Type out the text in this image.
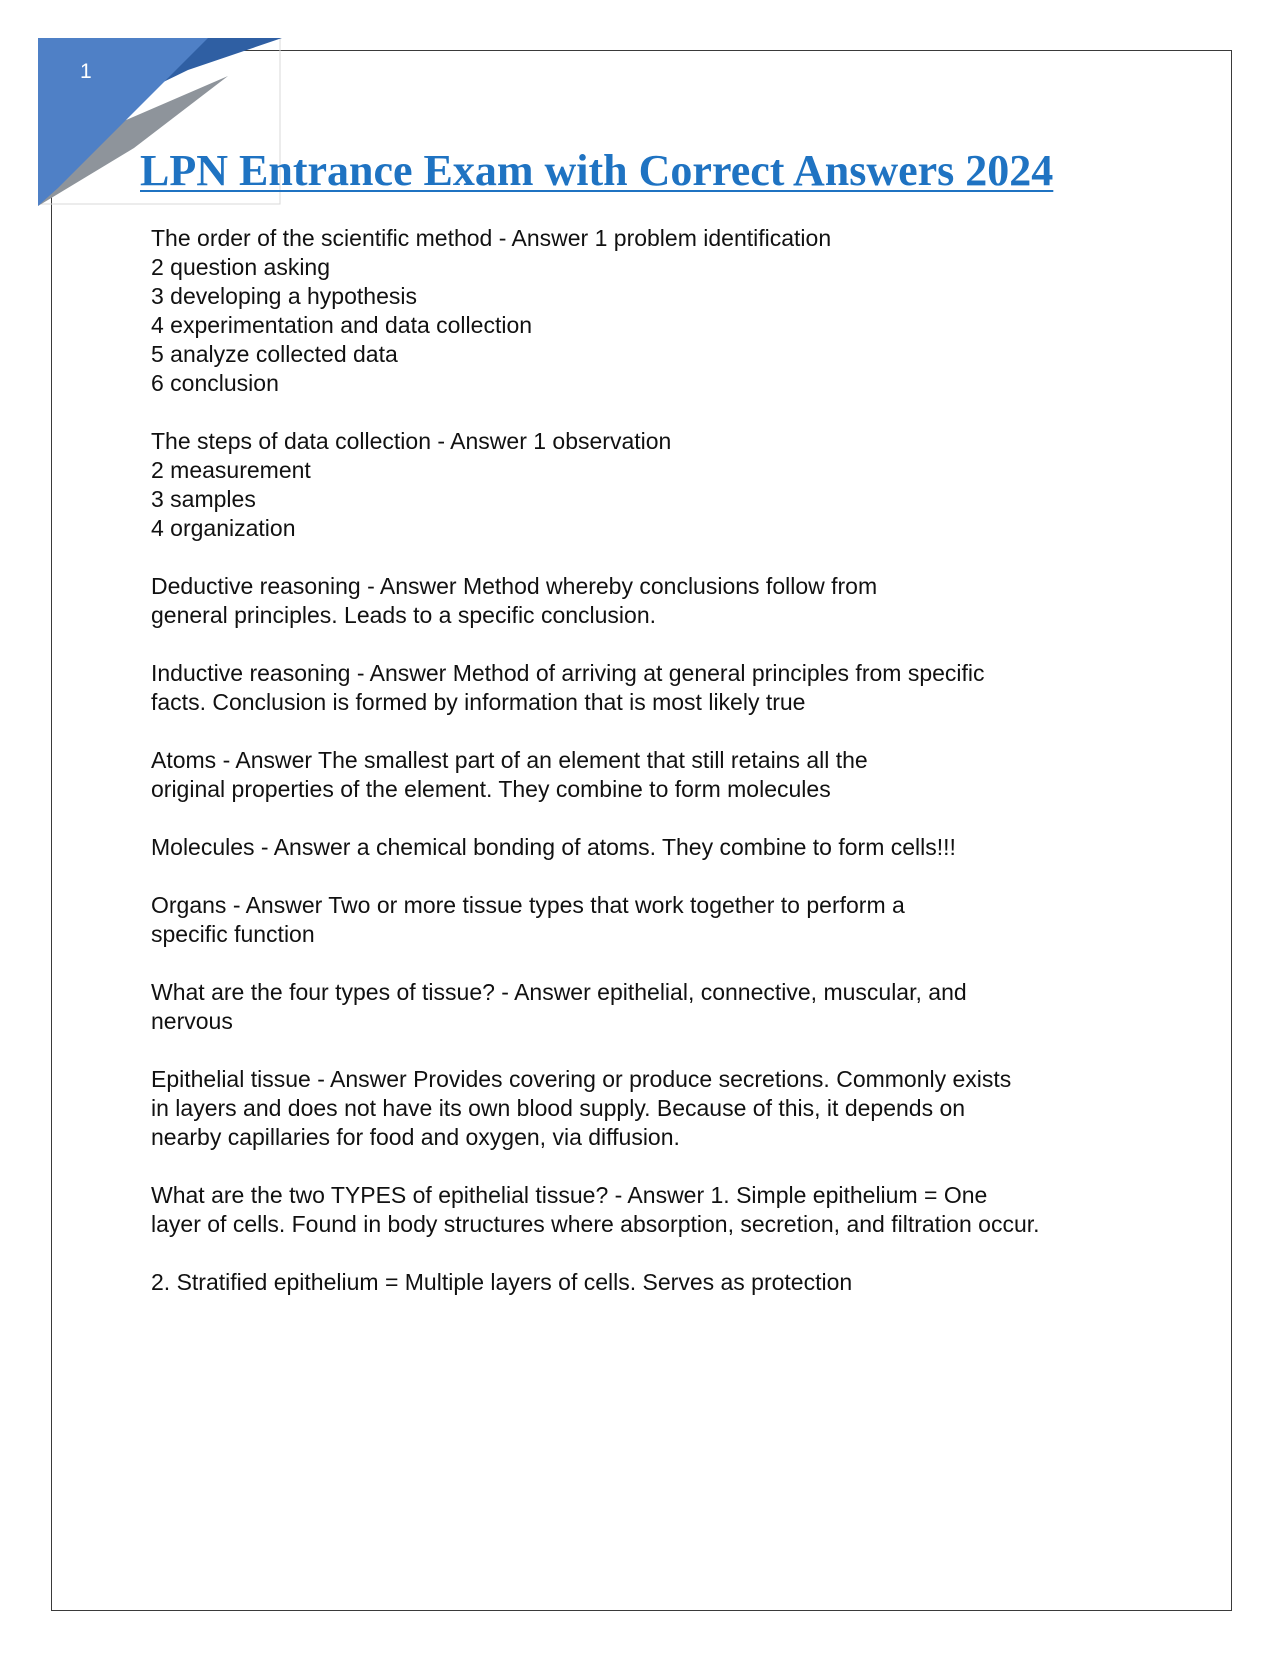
1
LPN Entrance Exam with Correct Answers 2024
The order of the scientific method - Answer 1 problem identification
2 question asking
3 developing a hypothesis
4 experimentation and data collection
5 analyze collected data
6 conclusion
The steps of data collection - Answer 1 observation
2 measurement
3 samples
4 organization
Deductive reasoning - Answer Method whereby conclusions follow from
general principles. Leads to a specific conclusion.
Inductive reasoning - Answer Method of arriving at general principles from specific
facts. Conclusion is formed by information that is most likely true
Atoms - Answer The smallest part of an element that still retains all the
original properties of the element. They combine to form molecules
Molecules - Answer a chemical bonding of atoms. They combine to form cells!!!
Organs - Answer Two or more tissue types that work together to perform a
specific function
What are the four types of tissue? - Answer epithelial, connective, muscular, and
nervous
Epithelial tissue - Answer Provides covering or produce secretions. Commonly exists
in layers and does not have its own blood supply. Because of this, it depends on
nearby capillaries for food and oxygen, via diffusion.
What are the two TYPES of epithelial tissue? - Answer 1. Simple epithelium = One
layer of cells. Found in body structures where absorption, secretion, and filtration occur.
2. Stratified epithelium = Multiple layers of cells. Serves as protection
